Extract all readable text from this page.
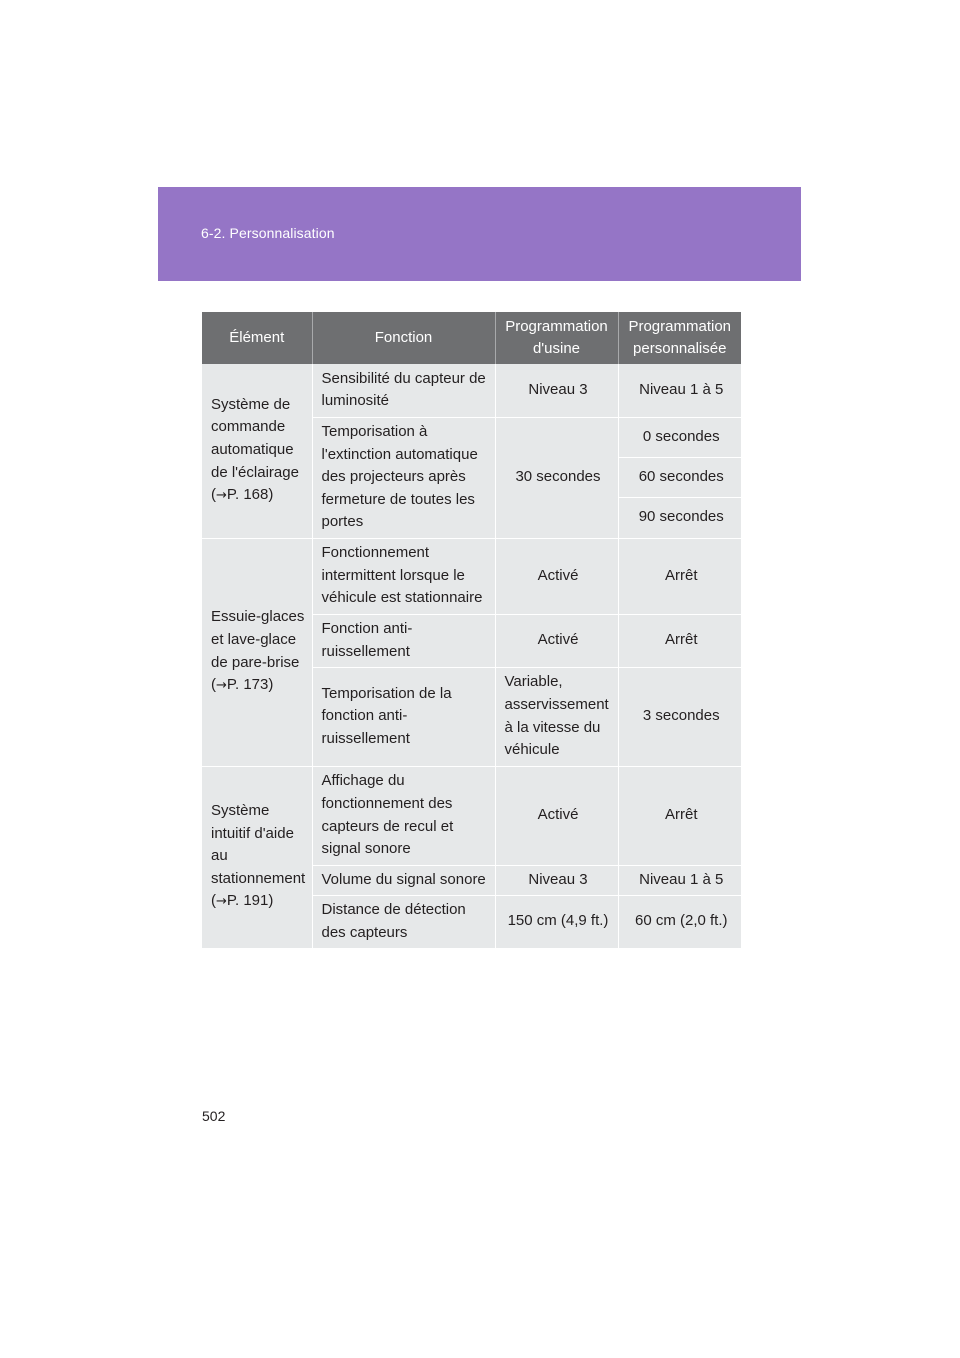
6-2. Personnalisation
Élément	Fonction	Programmation d'usine	Programmation personnalisée
Système de commande automatique de l'éclairage
(→P. 168)	Sensibilité du capteur de luminosité	Niveau 3	Niveau 1 à 5
	Temporisation à l'extinction automatique des projecteurs après fermeture de toutes les portes	30 secondes	0 secondes
			60 secondes
			90 secondes
Essuie-glaces et lave-glace de pare-brise
(→P. 173)	Fonctionnement intermittent lorsque le véhicule est stationnaire	Activé	Arrêt
	Fonction anti-ruissellement	Activé	Arrêt
	Temporisation de la fonction anti-ruissellement	Variable, asservissement à la vitesse du véhicule	3 secondes
Système intuitif d'aide au stationnement
(→P. 191)	Affichage du fonctionnement des capteurs de recul et signal sonore	Activé	Arrêt
	Volume du signal sonore	Niveau 3	Niveau 1 à 5
	Distance de détection des capteurs	150 cm (4,9 ft.)	60 cm (2,0 ft.)
502
